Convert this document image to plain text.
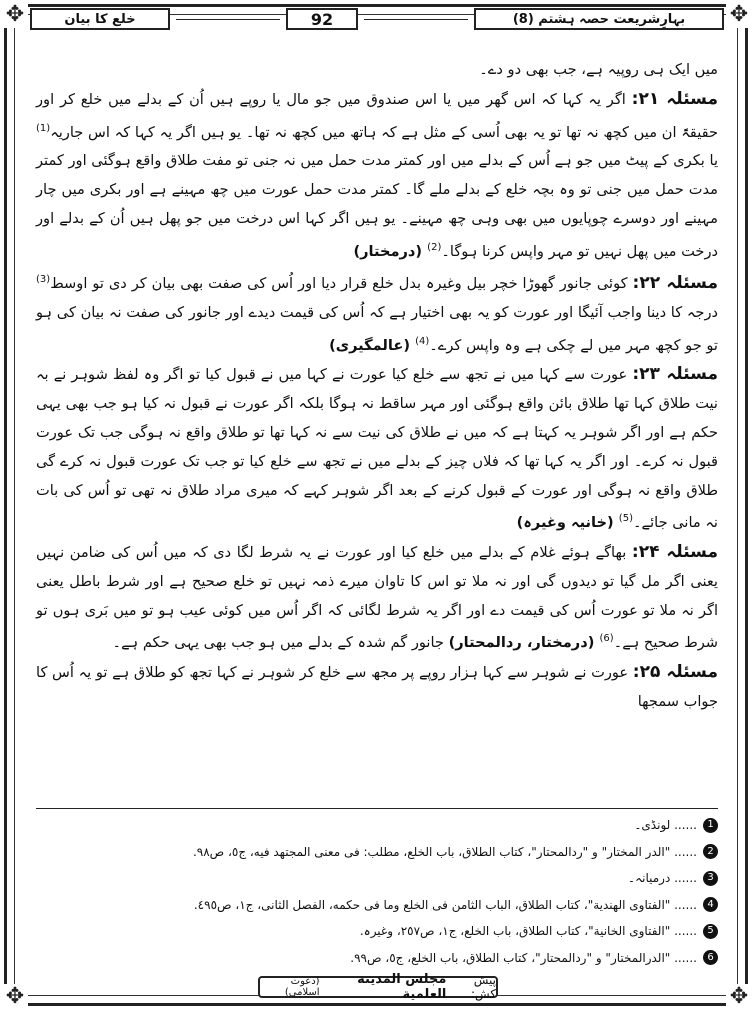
✥	✥
✥	✥
خلع کا بیان	92	بہارِشریعت حصہ ہشتم (8)

میں ایک ہی روپیہ ہے، جب بھی دو دے۔

مسئلہ ۲۱: اگر یہ کہا کہ اس گھر میں یا اس صندوق میں جو مال یا روپے ہیں اُن کے بدلے میں خلع کر اور حقیقۃً ان میں کچھ نہ تھا تو یہ بھی اُسی کے مثل ہے کہ ہاتھ میں کچھ نہ تھا۔ یو ہیں اگر یہ کہا کہ اس جاریہ$^{(1)}$ یا بکری کے پیٹ میں جو ہے اُس کے بدلے میں اور کمتر مدت حمل میں نہ جنی تو مفت طلاق واقع ہوگئی اور کمتر مدت حمل میں جنی تو وہ بچہ خلع کے بدلے ملے گا۔ کمتر مدت حمل عورت میں چھ مہینے ہے اور بکری میں چار مہینے اور دوسرے چوپایوں میں بھی وہی چھ مہینے۔ یو ہیں اگر کہا اس درخت میں جو پھل ہیں اُن کے بدلے اور درخت میں پھل نہیں تو مہر واپس کرنا ہوگا۔$^{(2)}$ (درمختار)

مسئلہ ۲۲: کوئی جانور گھوڑا خچر بیل وغیرہ بدل خلع قرار دیا اور اُس کی صفت بھی بیان کر دی تو اوسط$^{(3)}$ درجہ کا دینا واجب آئیگا اور عورت کو یہ بھی اختیار ہے کہ اُس کی قیمت دیدے اور جانور کی صفت نہ بیان کی ہو تو جو کچھ مہر میں لے چکی ہے وہ واپس کرے۔$^{(4)}$ (عالمگیری)

مسئلہ ۲۳: عورت سے کہا میں نے تجھ سے خلع کیا عورت نے کہا میں نے قبول کیا تو اگر وہ لفظ شوہر نے بہ نیت طلاق کہا تھا طلاق بائن واقع ہوگئی اور مہر ساقط نہ ہوگا بلکہ اگر عورت نے قبول نہ کیا ہو جب بھی یہی حکم ہے اور اگر شوہر یہ کہتا ہے کہ میں نے طلاق کی نیت سے نہ کہا تھا تو طلاق واقع نہ ہوگی جب تک عورت قبول نہ کرے۔ اور اگر یہ کہا تھا کہ فلاں چیز کے بدلے میں نے تجھ سے خلع کیا تو جب تک عورت قبول نہ کرے گی طلاق واقع نہ ہوگی اور عورت کے قبول کرنے کے بعد اگر شوہر کہے کہ میری مراد طلاق نہ تھی تو اُس کی بات نہ مانی جائے۔$^{(5)}$ (خانیہ وغیرہ)

مسئلہ ۲۴: بھاگے ہوئے غلام کے بدلے میں خلع کیا اور عورت نے یہ شرط لگا دی کہ میں اُس کی ضامن نہیں یعنی اگر مل گیا تو دیدوں گی اور نہ ملا تو اس کا تاوان میرے ذمہ نہیں تو خلع صحیح ہے اور شرط باطل یعنی اگر نہ ملا تو عورت اُس کی قیمت دے اور اگر یہ شرط لگائی کہ اگر اُس میں کوئی عیب ہو تو میں بَری ہوں تو شرط صحیح ہے۔$^{(6)}$ (درمختار، ردالمحتار) جانور گم شدہ کے بدلے میں ہو جب بھی یہی حکم ہے۔

مسئلہ ۲۵: عورت نے شوہر سے کہا ہزار روپے پر مجھ سے خلع کر شوہر نے کہا تجھ کو طلاق ہے تو یہ اُس کا جواب سمجھا

1
...... لونڈی۔
2
...... "الدر المختار" و "ردالمحتار"، کتاب الطلاق، باب الخلع، مطلب: فی معنی المجتهد فیه، ج٥، ص٩٨.
3
...... درمیانہ۔
4
...... "الفتاوی الهندیة"، کتاب الطلاق، الباب الثامن فی الخلع وما فی حکمه، الفصل الثانی، ج١، ص٤٩٥.
5
...... "الفتاوی الخانیة"، کتاب الطلاق، باب الخلع، ج١، ص٢٥٧، وغیرہ.
6
...... "الدرالمختار" و "ردالمحتار"، کتاب الطلاق، باب الخلع، ج٥، ص٩٩.
پیش کش:
مجلس المدینة العلمیة
(دعوت اسلامی)
